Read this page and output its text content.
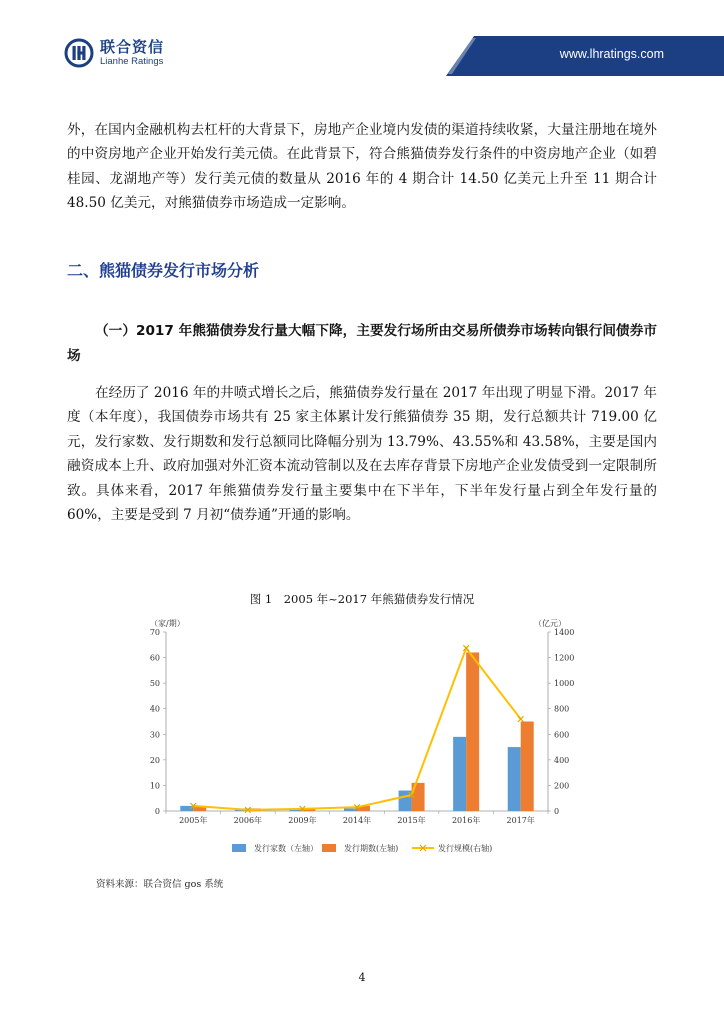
联合资信
Lianhe Ratings
www.lhratings.com

外，在国内金融机构去杠杆的大背景下，房地产企业境内发债的渠道持续收紧，大量注册地在境外的中资房地产企业开始发行美元债。在此背景下，符合熊猫债券发行条件的中资房地产企业（如碧桂园、龙湖地产等）发行美元债的数量从 2016 年的 4 期合计 14.50 亿美元上升至 11 期合计 48.50 亿美元，对熊猫债券市场造成一定影响。

二、熊猫债券发行市场分析
（一）2017 年熊猫债券发行量大幅下降，主要发行场所由交易所债券市场转向银行间债券市场

在经历了 2016 年的井喷式增长之后，熊猫债券发行量在 2017 年出现了明显下滑。2017 年度（本年度），我国债券市场共有 25 家主体累计发行熊猫债券 35 期，发行总额共计 719.00 亿元，发行家数、发行期数和发行总额同比降幅分别为 13.79%、43.55%和 43.58%，主要是国内融资成本上升、政府加强对外汇资本流动管制以及在去库存背景下房地产企业发债受到一定限制所致。具体来看，2017 年熊猫债券发行量主要集中在下半年，下半年发行量占到全年发行量的 60%，主要是受到 7 月初“债券通”开通的影响。

图 1　2005 年~2017 年熊猫债券发行情况
0
10
20
30
40
50
60
70
0
200
400
600
800
1000
1200
1400
（家/期）	（亿元）
2005年	2006年	2009年	2014年	2015年	2016年	2017年
发行家数（左轴）	发行期数(左轴)	发行规模(右轴)
资料来源：联合资信 gos 系统
4
